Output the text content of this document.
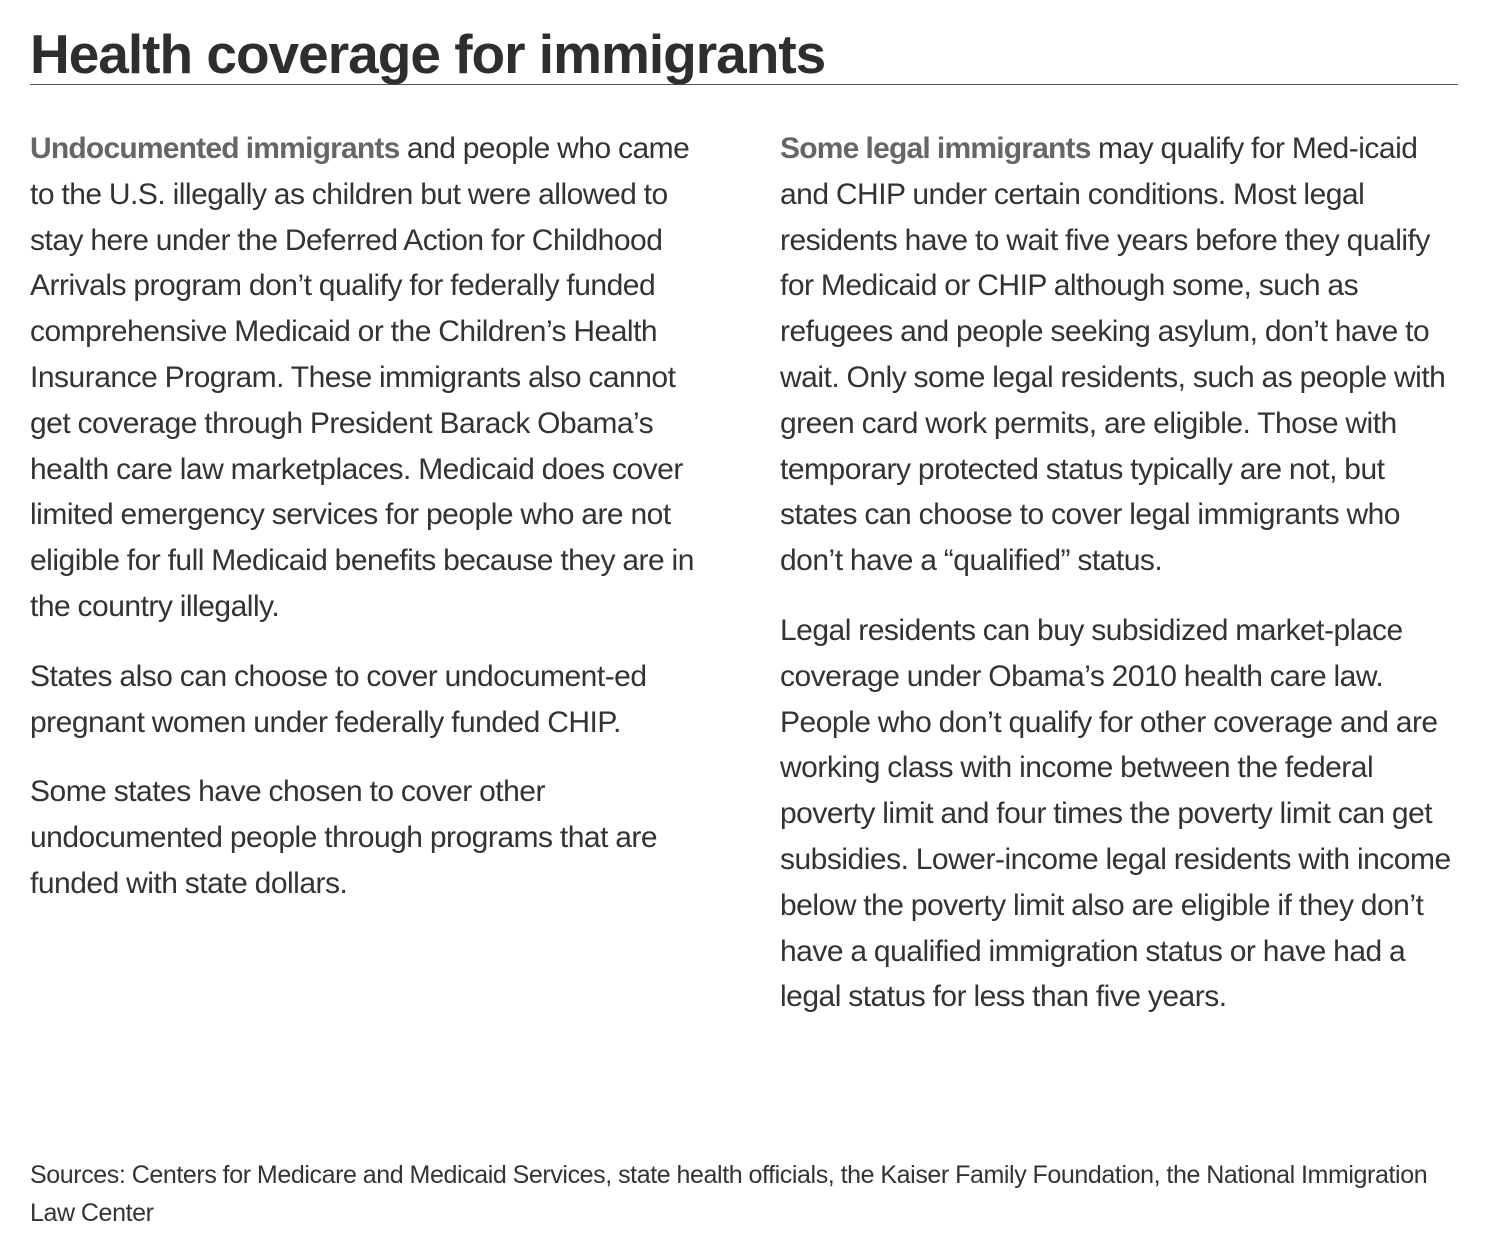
Health coverage for immigrants

Undocumented immigrants and people who came to the U.S. illegally as children but were allowed to stay here under the Deferred Action for Childhood Arrivals program don’t qualify for federally funded comprehensive Medicaid or the Children’s Health Insurance Program. These immigrants also cannot get coverage through President Barack Obama’s health care law marketplaces. Medicaid does cover limited emergency services for people who are not eligible for full Medicaid benefits because they are in the country illegally.

States also can choose to cover undocument-ed pregnant women under federally funded CHIP.

Some states have chosen to cover other undocumented people through programs that are funded with state dollars.

Some legal immigrants may qualify for Med-icaid and CHIP under certain conditions. Most legal residents have to wait five years before they qualify for Medicaid or CHIP although some, such as refugees and people seeking asylum, don’t have to wait. Only some legal residents, such as people with green card work permits, are eligible. Those with temporary protected status typically are not, but states can choose to cover legal immigrants who don’t have a “qualified” status.

Legal residents can buy subsidized market-place coverage under Obama’s 2010 health care law. People who don’t qualify for other coverage and are working class with income between the federal poverty limit and four times the poverty limit can get subsidies. Lower-income legal residents with income below the poverty limit also are eligible if they don’t have a qualified immigration status or have had a legal status for less than five years.

Sources: Centers for Medicare and Medicaid Services, state health officials, the Kaiser Family Foundation, the National Immigration Law Center
